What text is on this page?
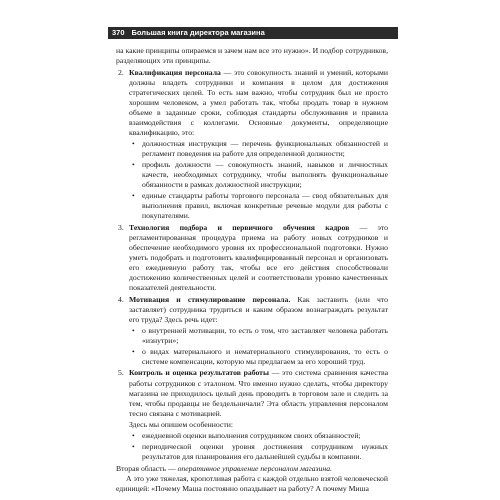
370 Большая книга директора магазина

на какие принципы опираемся и зачем нам все это нужно». И подбор сотрудников, разделяющих эти принципы.

2. Квалификация персонала — это совокупность знаний и умений, которыми должны владеть сотрудники и компания в целом для достижения стратегических целей. То есть нам важно, чтобы сотрудник был не просто хорошим человеком, а умел работать так, чтобы продать товар в нужном объеме в заданные сроки, соблюдая стандарты обслуживания и правила взаимодействия с коллегами. Основные документы, определяющие квалификацию, это:
• должностная инструкция — перечень функциональных обязанностей и регламент поведения на работе для определенной должности;
• профиль должности — совокупность знаний, навыков и личностных качеств, необходимых сотруднику, чтобы выполнять функциональные обязанности в рамках должностной инструкции;
• единые стандарты работы торгового персонала — свод обязательных для выполнения правил, включая конкретные речевые модули для работы с покупателями.
3. Технология подбора и первичного обучения кадров — это регламентированная процедура приема на работу новых сотрудников и обеспечение необходимого уровня их профессиональной подготовки. Нужно уметь подобрать и подготовить квалифицированный персонал и организовать его ежедневную работу так, чтобы все его действия способствовали достижению количественных целей и соответствовали уровню качественных показателей деятельности.
4. Мотивация и стимулирование персонала. Как заставить (или что заставляет) сотрудника трудиться и каким образом вознаграждать результат его труда? Здесь речь идет:
• о внутренней мотивации, то есть о том, что заставляет человека работать «изнутри»;
• о видах материального и нематериального стимулирования, то есть о системе компенсации, которую мы предлагаем за его хороший труд.
5. Контроль и оценка результатов работы — это система сравнения качества работы сотрудников с эталоном. Что именно нужно сделать, чтобы директору магазина не приходилось целый день проводить в торговом зале и следить за тем, чтобы продавцы не бездельничали? Эта область управления персоналом тесно связана с мотивацией.

Здесь мы опишем особенности:

• ежедневной оценки выполнения сотрудником своих обязанностей;
• периодической оценки уровня достижения сотрудником нужных результатов для планирования его дальнейшей судьбы в компании.

Вторая область — оперативное управление персоналом магазина.

А это уже тяжелая, кропотливая работа с каждой отдельно взятой человеческой единицей: «Почему Маша постоянно опаздывает на работу? А почему Миша
